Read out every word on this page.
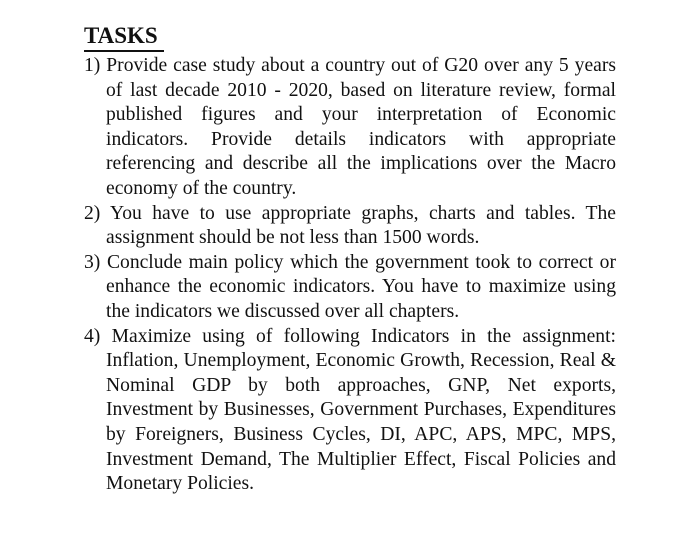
TASKS
1) Provide case study about a country out of G20 over any 5 years of last decade 2010 - 2020, based on literature review, formal published figures and your interpretation of Economic indicators. Provide details indicators with appropriate referencing and describe all the implications over the Macro economy of the country.
2) You have to use appropriate graphs, charts and tables. The assignment should be not less than 1500 words.
3) Conclude main policy which the government took to correct or enhance the economic indicators. You have to maximize using the indicators we discussed over all chapters.
4) Maximize using of following Indicators in the assignment: Inflation, Unemployment, Economic Growth, Recession, Real & Nominal GDP by both approaches, GNP, Net exports, Investment by Businesses, Government Purchases, Expenditures by Foreigners, Business Cycles, DI, APC, APS, MPC, MPS, Investment Demand, The Multiplier Effect, Fiscal Policies and Monetary Policies.
